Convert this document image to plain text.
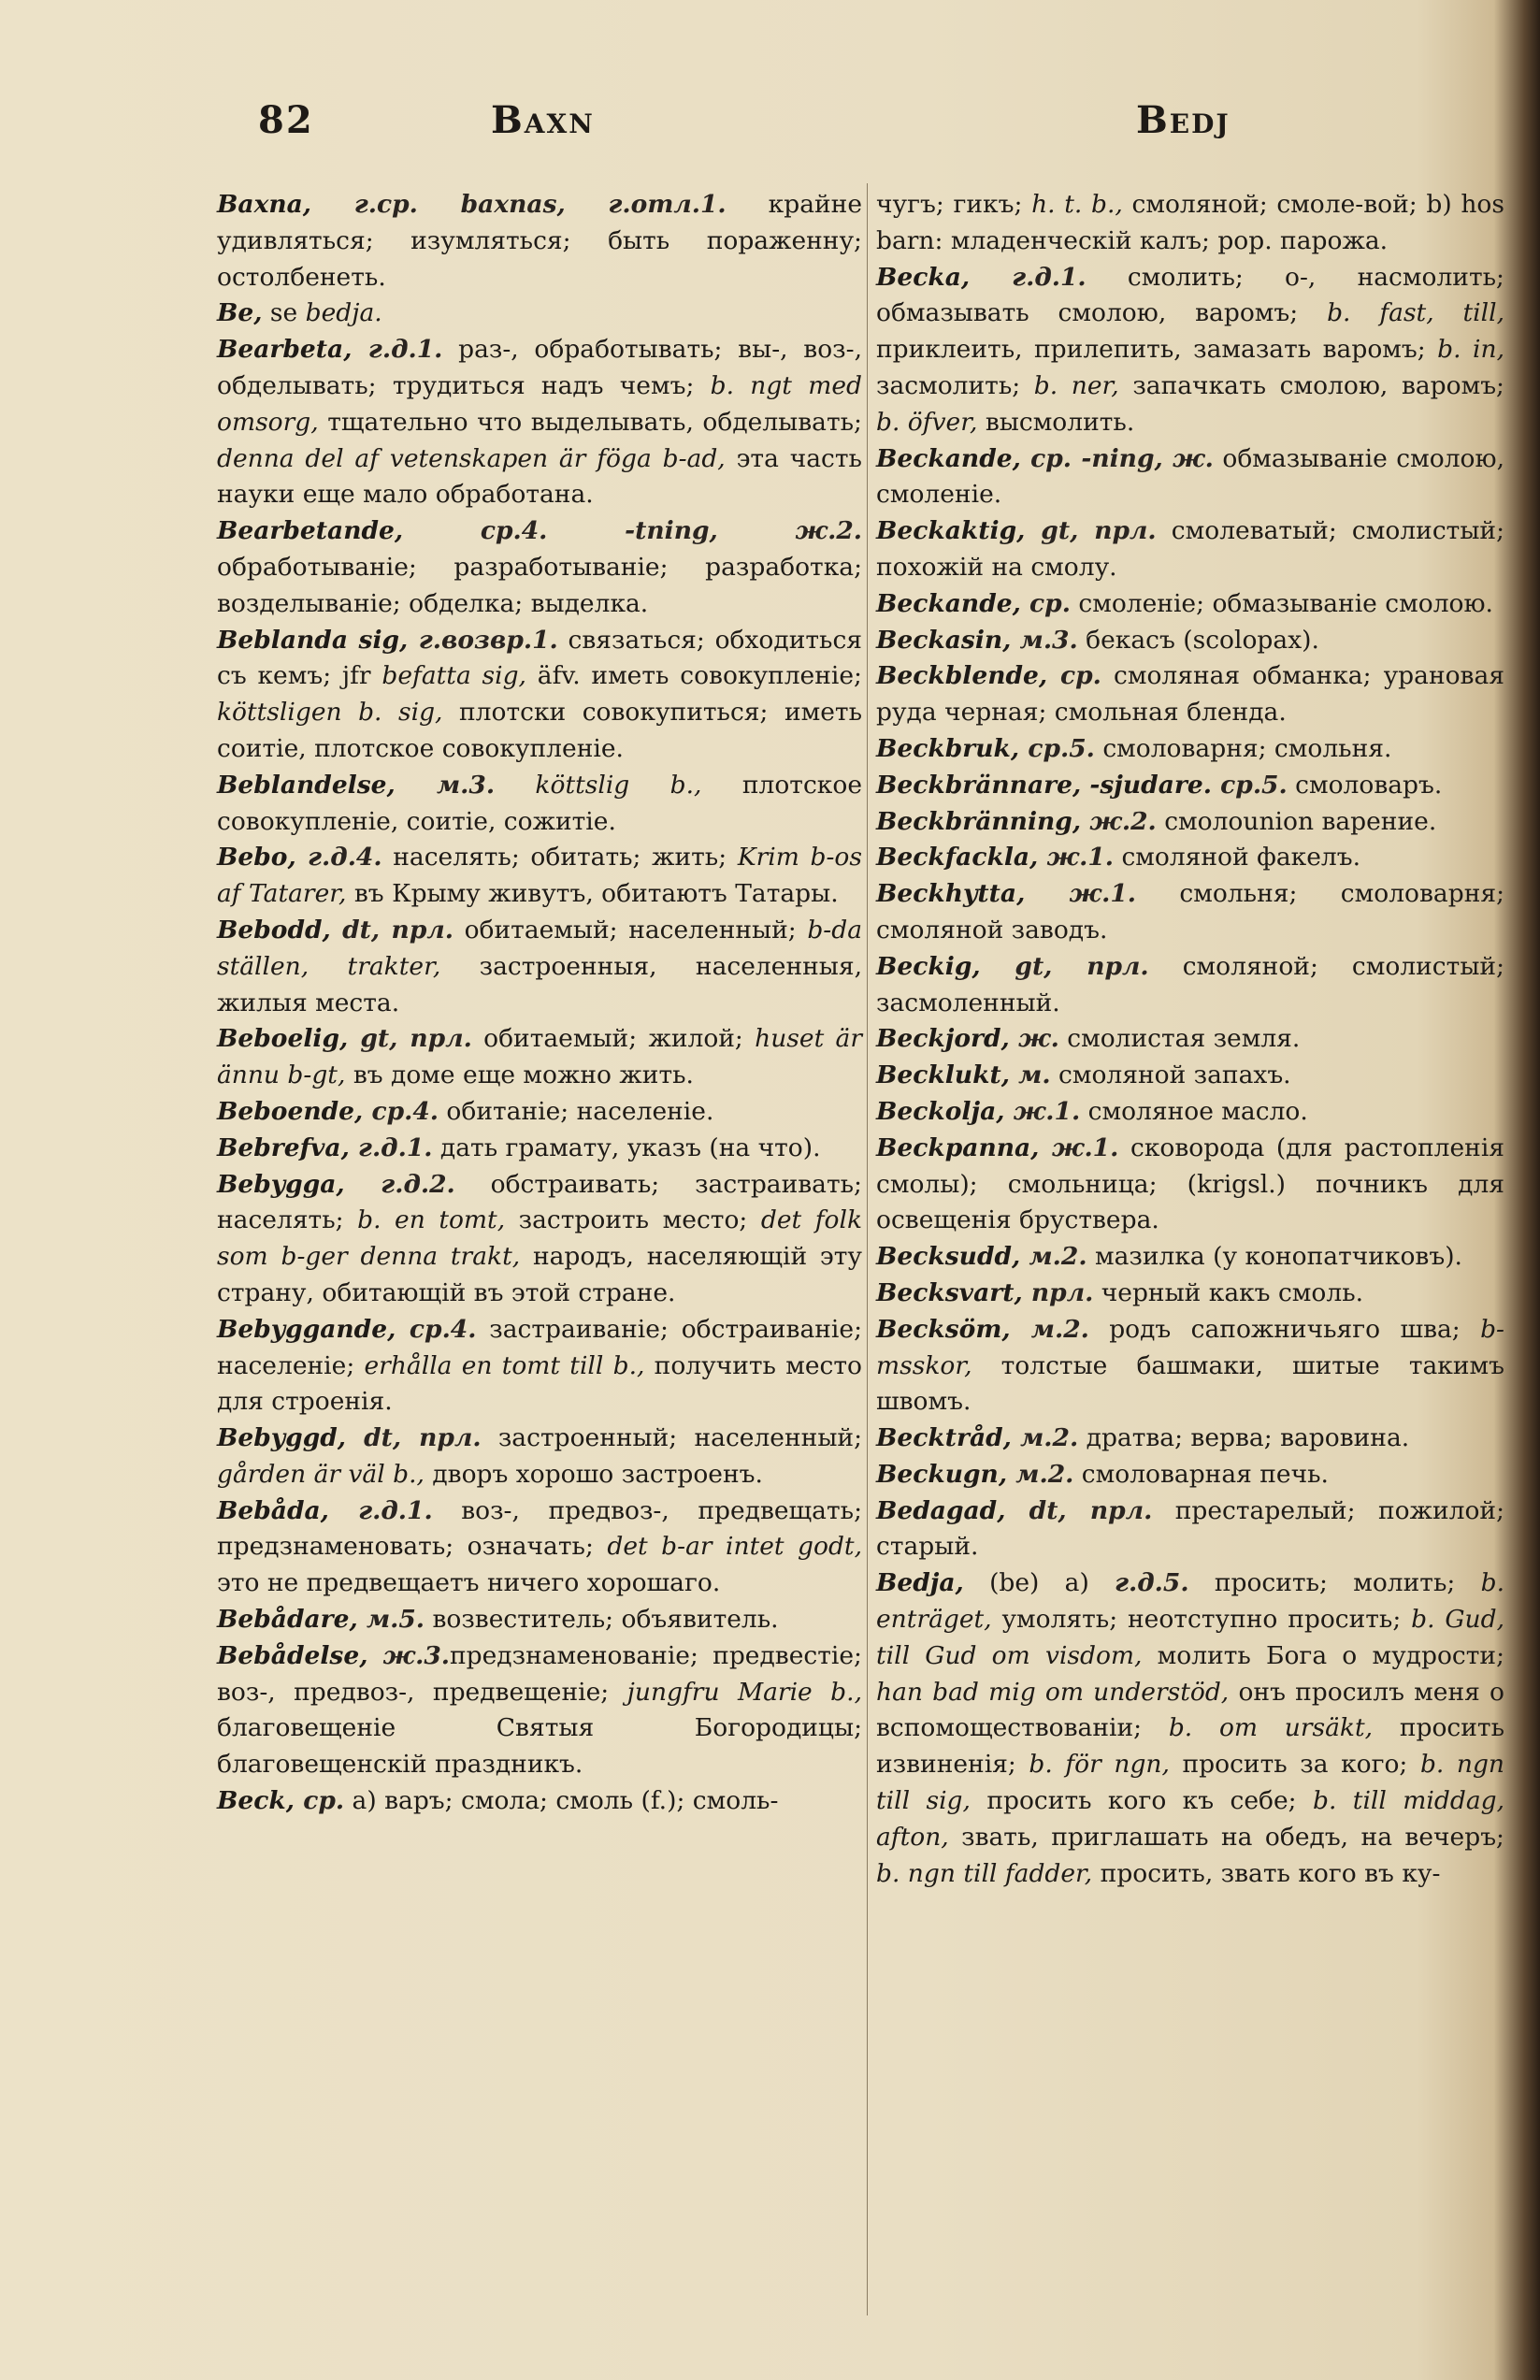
82	Baxn	Bedj
Baxna, г.ср. baxnas, г.отл.1. крайне удивляться; изумляться; быть пораженну; остолбенеть.
Be, se bedja.
Bearbeta, г.д.1. раз-, обработывать; вы-, воз-, обделывать; трудиться надъ чемъ; b. ngt med omsorg, тщательно что выделывать, обделывать; denna del af vetenskapen är föga b-ad, эта часть науки еще мало обработана.
Bearbetande, ср.4. -tning, ж.2. обработываніе; разработываніе; разработка; возделываніе; обделка; выделка.
Beblanda sig, г.возвр.1. связаться; обходиться съ кемъ; jfr befatta sig, äfv. иметь совокупленіе; köttsligen b. sig, плотски совокупиться; иметь соитіе, плотское совокупленіе.
Beblandelse, м.3. köttslig b., плотское совокупленіе, соитіе, сожитіе.
Bebo, г.д.4. населять; обитать; жить; Krim b-os af Tatarer, въ Крыму живутъ, обитаютъ Татары.
Bebodd, dt, прл. обитаемый; населенный; b-da ställen, trakter, застроенныя, населенныя, жилыя места.
Beboelig, gt, прл. обитаемый; жилой; huset är ännu b-gt, въ доме еще можно жить.
Beboende, ср.4. обитаніе; населеніе.
Bebrefva, г.д.1. дать грамату, указъ (на что).
Bebygga, г.д.2. обстраивать; застраивать; населять; b. en tomt, застроить место; det folk som b-ger denna trakt, народъ, населяющій эту страну, обитающій въ этой стране.
Bebyggande, ср.4. застраиваніе; обстраиваніе; населеніе; erhålla en tomt till b., получить место для строенія.
Bebyggd, dt, прл. застроенный; населенный; gården är väl b., дворъ хорошо застроенъ.
Bebåda, г.д.1. воз-, предвоз-, предвещать; предзнаменовать; означать; det b-ar intet godt, это не предвещаетъ ничего хорошаго.
Bebådare, м.5. возвеститель; объявитель.
Bebådelse, ж.3.предзнаменованіе; предвестіе; воз-, предвоз-, предвещеніе; jungfru Marie b., благовещеніе Святыя Богородицы; благовещенскій праздникъ.
Beck, ср. a) варъ; смола; смоль (f.); смоль-
чугъ; гикъ; h. t. b., смоляной; смоле-вой; b) hos barn: младенческій калъ; рор. парожа.
Becka, г.д.1. смолить; о-, насмолить; обмазывать смолою, варомъ; b. fast, till, приклеить, прилепить, замазать варомъ; b. in, засмолить; b. ner, запачкать смолою, варомъ; b. öfver, высмолить.
Beckande, ср. -ning, ж. обмазываніе смолою, смоленіе.
Beckaktig, gt, прл. смолеватый; смолистый; похожій на смолу.
Beckande, ср. смоленіе; обмазываніе смолою.
Beckasin, м.3. бекасъ (scolopax).
Beckblende, ср. смоляная обманка; урановая руда черная; смольная бленда.
Beckbruk, ср.5. смоловарня; смольня.
Beckbrännare, -sjudare. ср.5. смоловаръ.
Beckbränning, ж.2. смолоunion варение.
Beckfackla, ж.1. смоляной факелъ.
Beckhytta, ж.1. смольня; смоловарня; смоляной заводъ.
Beckig, gt, прл. смоляной; смолистый; засмоленный.
Beckjord, ж. смолистая земля.
Becklukt, м. смоляной запахъ.
Beckolja, ж.1. смоляное масло.
Beckpanna, ж.1. сковорода (для растопленія смолы); смольница; (krigsl.) почникъ для освещенія брустверa.
Becksudd, м.2. мазилка (у конопатчиковъ).
Becksvart, прл. черный какъ смоль.
Becksöm, м.2. родъ сапожничьяго шва; b-msskor, толстые башмаки, шитые такимъ швомъ.
Becktråd, м.2. дратва; верва; варовина.
Beckugn, м.2. смоловарная печь.
Bedagad, dt, прл. престарелый; пожилой; старый.
Bedja, (be) a) г.д.5. просить; молить; b. enträget, умолять; неотступно просить; b. Gud, till Gud om visdom, молить Бога о мудрости; han bad mig om understöd, онъ просилъ меня о вспомоществованіи; b. om ursäkt, просить извиненія; b. för ngn, просить за кого; b. ngn till sig, просить кого къ себе; b. till middag, afton, звать, приглашать на обедъ, на вечеръ; b. ngn till fadder, просить, звать кого въ ку-
